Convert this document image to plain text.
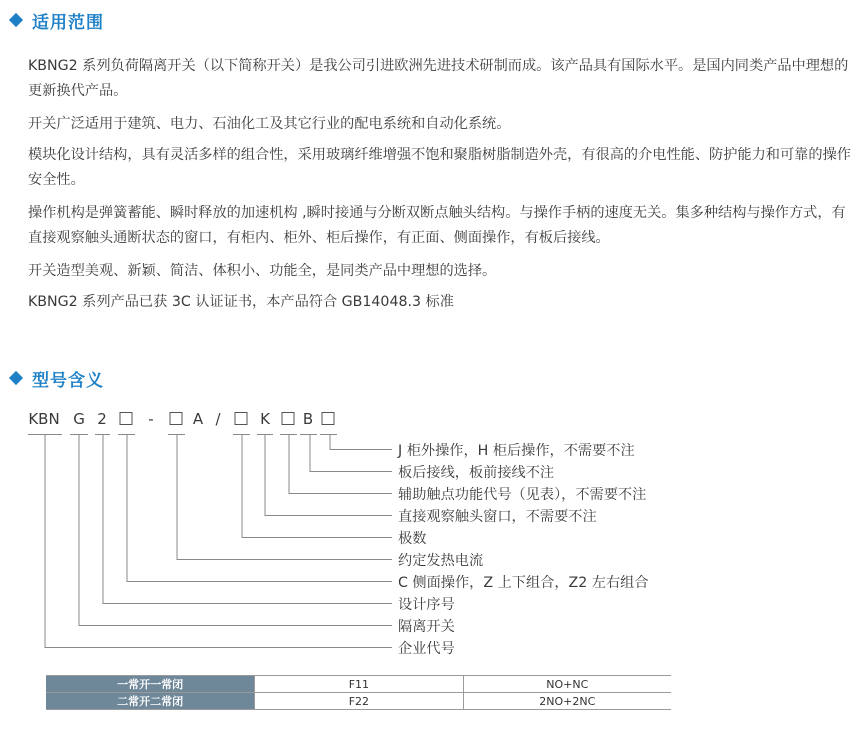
适用范围

KBNG2 系列负荷隔离开关（以下简称开关）是我公司引进欧洲先进技术研制而成。该产品具有国际水平。是国内同类产品中理想的更新换代产品。

开关广泛适用于建筑、电力、石油化工及其它行业的配电系统和自动化系统。

模块化设计结构，具有灵活多样的组合性，采用玻璃纤维增强不饱和聚脂树脂制造外壳，有很高的介电性能、防护能力和可靠的操作安全性。

操作机构是弹簧蓄能、瞬时释放的加速机构 ,瞬时接通与分断双断点触头结构。与操作手柄的速度无关。集多种结构与操作方式，有直接观察触头通断状态的窗口，有柜内、柜外、柜后操作，有正面、侧面操作，有板后接线。

开关造型美观、新颖、简洁、体积小、功能全，是同类产品中理想的选择。

KBNG2 系列产品已获 3C 认证证书，本产品符合 GB14048.3 标准

型号含义
KBN G 2	-	A /	K B
J 柜外操作，H 柜后操作，不需要不注
板后接线，板前接线不注
辅助触点功能代号（见表），不需要不注
直接观察触头窗口，不需要不注
极数
约定发热电流
C 侧面操作，Z 上下组合，Z2 左右组合
设计序号
隔离开关
企业代号
一常开一常闭	F11	NO+NC
二常开二常闭	F22	2NO+2NC
